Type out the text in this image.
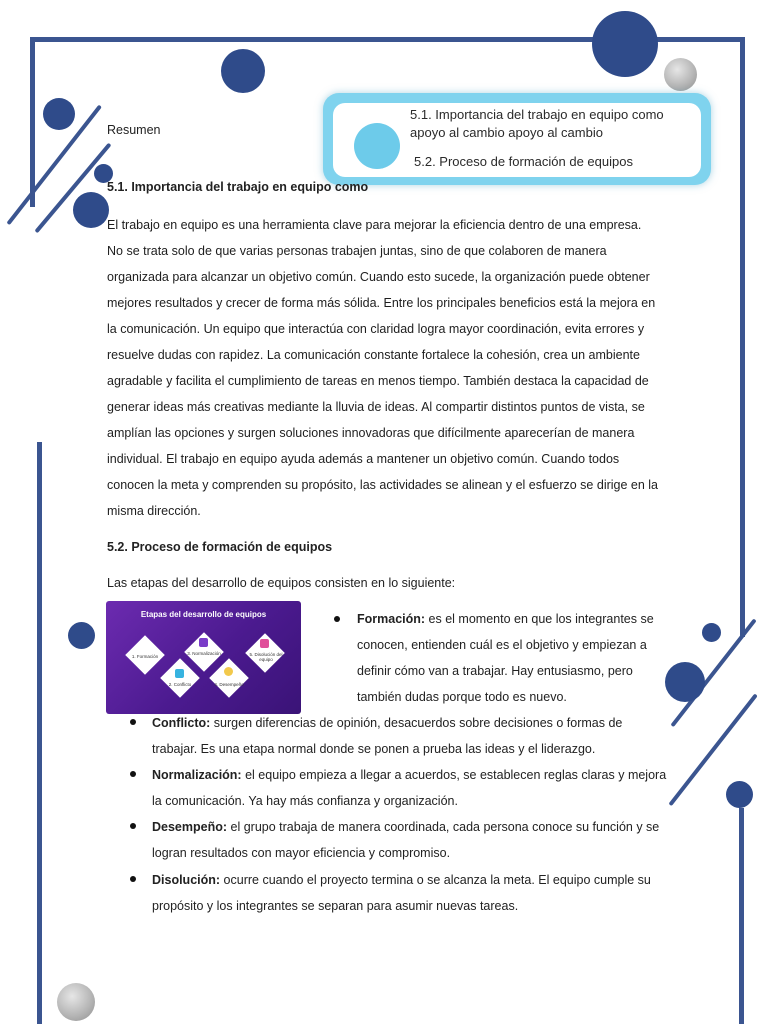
Resumen
5.1. Importancia del trabajo en equipo como
apoyo al cambio apoyo al cambio
5.2. Proceso de formación de equipos
5.1. Importancia del trabajo en equipo como
El trabajo en equipo es una herramienta clave para mejorar la eficiencia dentro de una empresa.
No se trata solo de que varias personas trabajen juntas, sino de que colaboren de manera
organizada para alcanzar un objetivo común. Cuando esto sucede, la organización puede obtener
mejores resultados y crecer de forma más sólida. Entre los principales beneficios está la mejora en
la comunicación. Un equipo que interactúa con claridad logra mayor coordinación, evita errores y
resuelve dudas con rapidez. La comunicación constante fortalece la cohesión, crea un ambiente
agradable y facilita el cumplimiento de tareas en menos tiempo. También destaca la capacidad de
generar ideas más creativas mediante la lluvia de ideas. Al compartir distintos puntos de vista, se
amplían las opciones y surgen soluciones innovadoras que difícilmente aparecerían de manera
individual. El trabajo en equipo ayuda además a mantener un objetivo común. Cuando todos
conocen la meta y comprenden su propósito, las actividades se alinean y el esfuerzo se dirige en la
misma dirección.
5.2. Proceso de formación de equipos
Las etapas del desarrollo de equipos consisten en lo siguiente:
Etapas del desarrollo de equipos
1. Formación
2. Conflicto
3. Normalización
4. Desempeño
5. Disolución del equipo
Formación: es el momento en que los integrantes se
conocen, entienden cuál es el objetivo y empiezan a
definir cómo van a trabajar. Hay entusiasmo, pero
también dudas porque todo es nuevo.
Conflicto: surgen diferencias de opinión, desacuerdos sobre decisiones o formas de
trabajar. Es una etapa normal donde se ponen a prueba las ideas y el liderazgo.
Normalización: el equipo empieza a llegar a acuerdos, se establecen reglas claras y mejora
la comunicación. Ya hay más confianza y organización.
Desempeño: el grupo trabaja de manera coordinada, cada persona conoce su función y se
logran resultados con mayor eficiencia y compromiso.
Disolución: ocurre cuando el proyecto termina o se alcanza la meta. El equipo cumple su
propósito y los integrantes se separan para asumir nuevas tareas.
